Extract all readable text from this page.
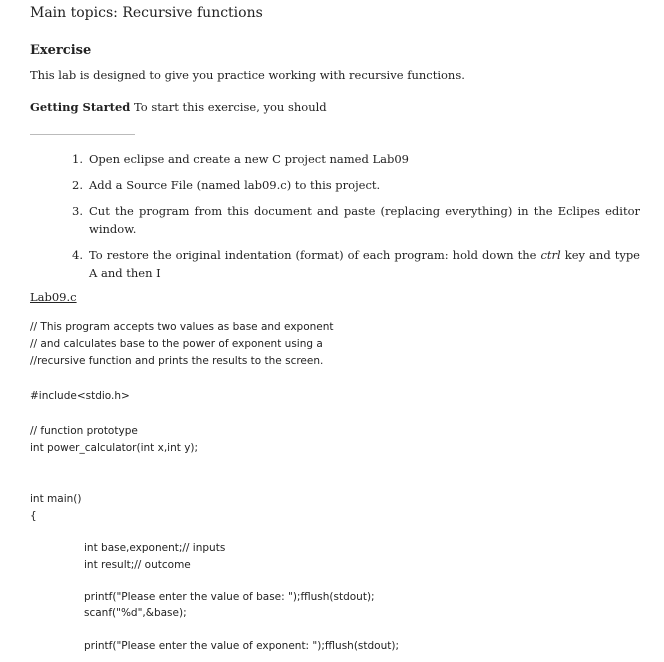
Main topics: Recursive functions
Exercise
This lab is designed to give you practice working with recursive functions.
Getting Started To start this exercise, you should
1. Open eclipse and create a new C project named Lab09
2. Add a Source File (named lab09.c) to this project.
3. Cut the program from this document and paste (replacing everything) in the Eclipes editor window.
4. To restore the original indentation (format) of each program: hold down the ctrl key and type A and then I
Lab09.c
// This program accepts two values as base and exponent
// and calculates base to the power of exponent using a
//recursive function and prints the results to the screen.
#include<stdio.h>
// function prototype
int power_calculator(int x,int y);
int main()
{
int base,exponent;// inputs
int result;// outcome
printf("Please enter the value of base: ");fflush(stdout);
scanf("%d",&base);
printf("Please enter the value of exponent: ");fflush(stdout);
